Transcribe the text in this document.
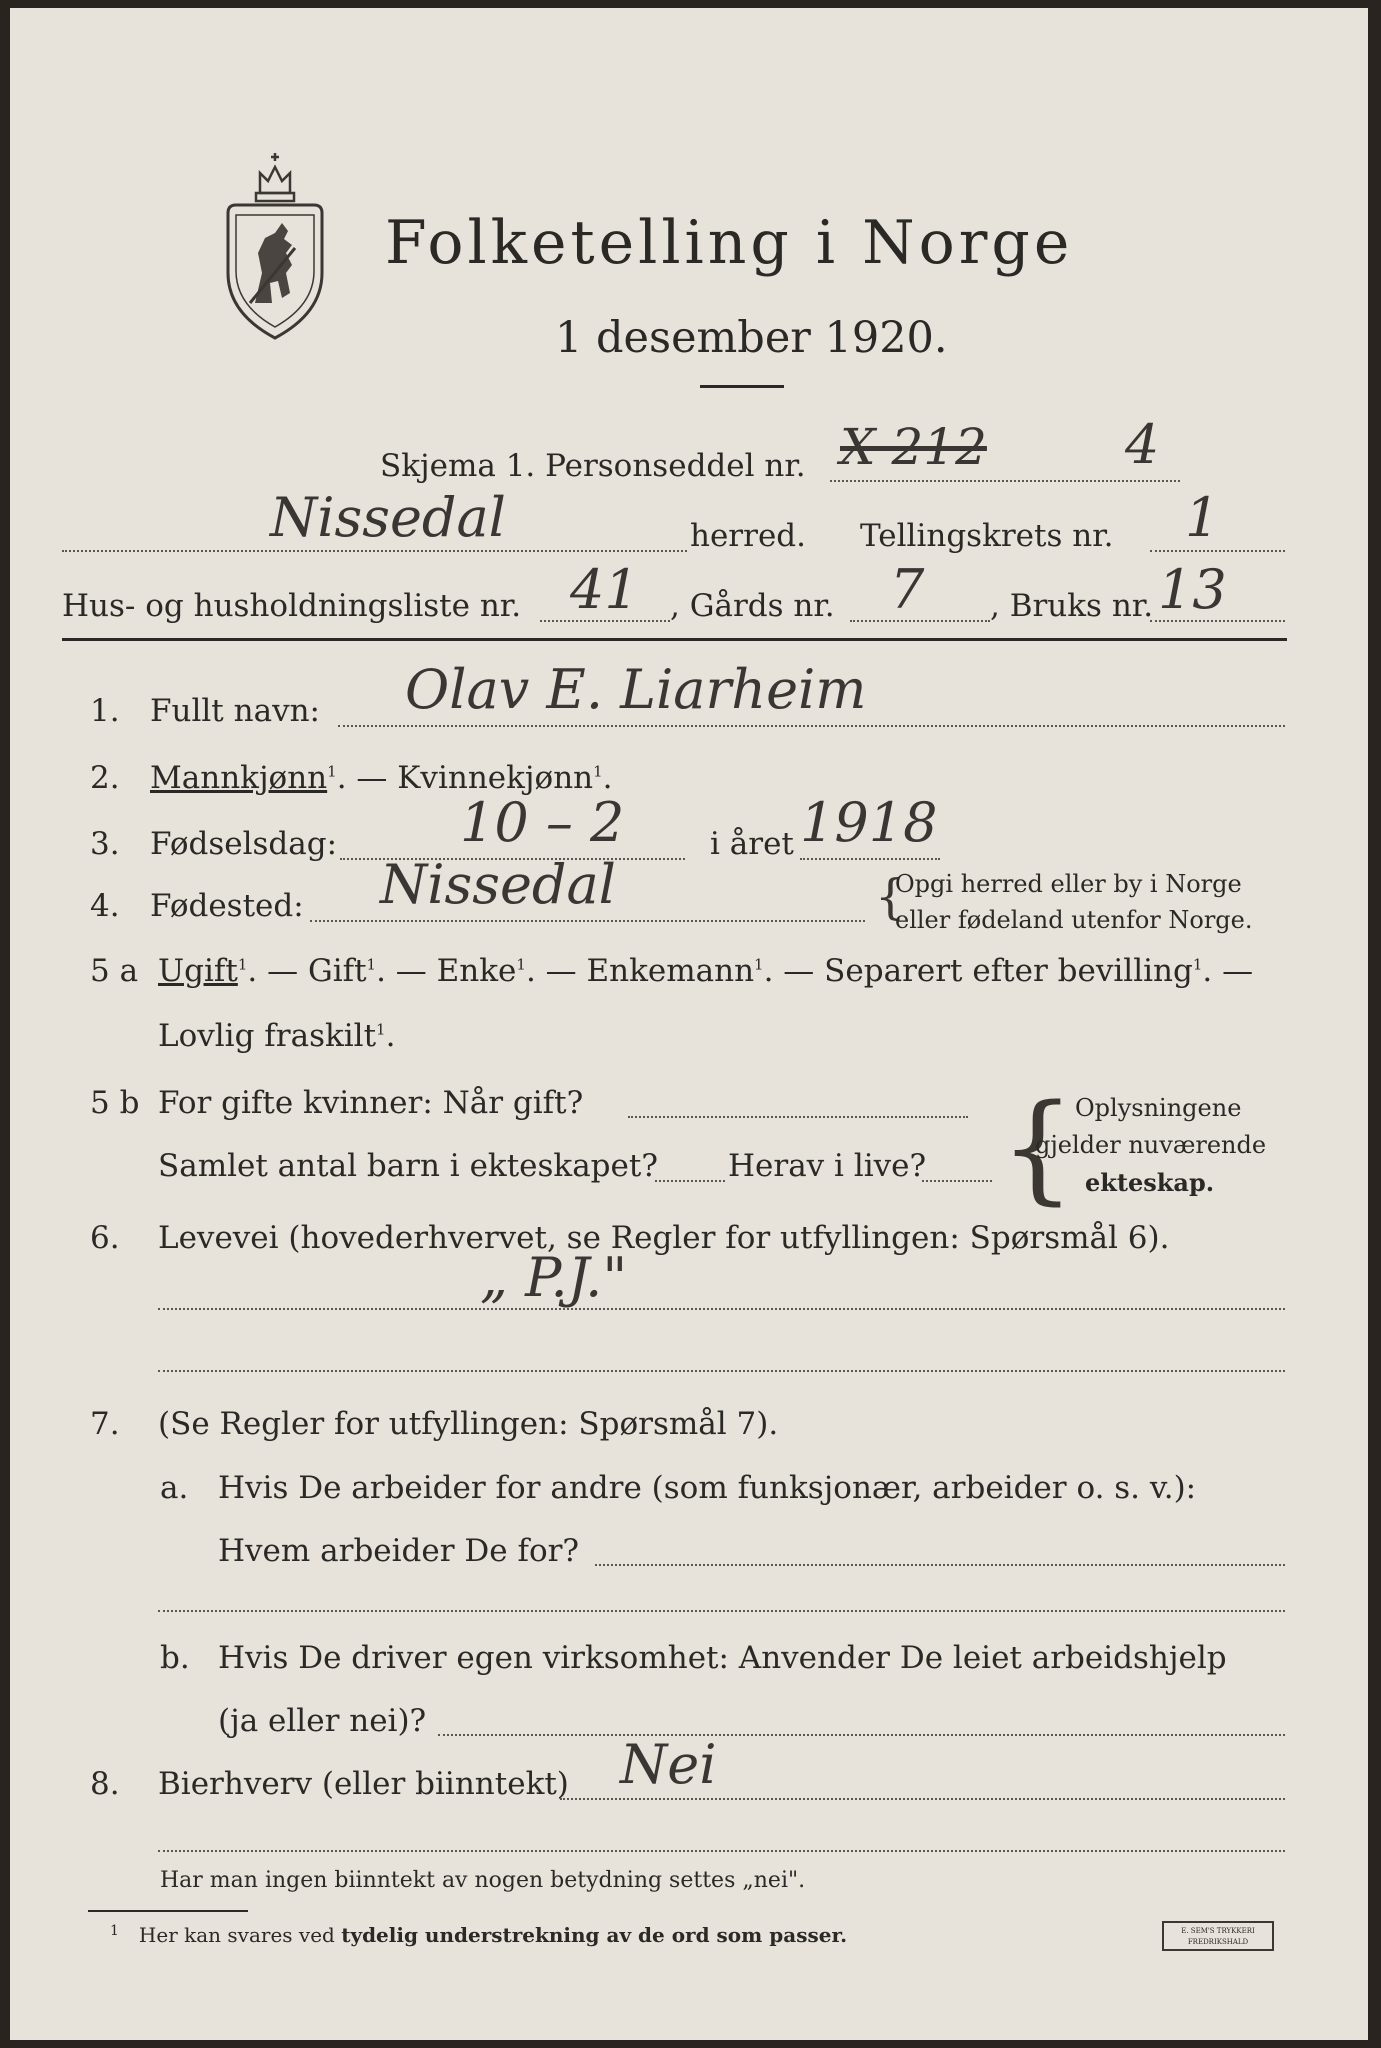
Folketelling i Norge
1 desember 1920.
Skjema 1. Personseddel nr. X 212	4
Nissedal	herred. Tellingskrets nr. 1
Hus- og husholdningsliste nr. 41 , Gårds nr. 7 , Bruks nr. 13
1. Fullt navn: Olav E. Liarheim
2. Mannkjønn$^1$. — Kvinnekjønn$^1$.
3. Fødselsdag: 10 – 2	i året 1918
4. Fødested: Nissedal	{
Opgi herred eller by i Norge
eller fødeland utenfor Norge.
5 a Ugift$^1$. — Gift$^1$. — Enke$^1$. — Enkemann$^1$. — Separert efter bevilling$^1$. —
Lovlig fraskilt$^1$.
5 b For gifte kvinner: Når gift?
Samlet antal barn i ekteskapet? Herav i live? { Oplysningene
gjelder nuværende
ekteskap.
6. Levevei (hovederhvervet, se Regler for utfyllingen: Spørsmål 6).
„ P.J."
7. (Se Regler for utfyllingen: Spørsmål 7).
a. Hvis De arbeider for andre (som funksjonær, arbeider o. s. v.):
Hvem arbeider De for?
b. Hvis De driver egen virksomhet: Anvender De leiet arbeidshjelp
(ja eller nei)?
8. Bierhverv (eller biinntekt) Nei
Har man ingen biinntekt av nogen betydning settes „nei".
$^1$ Her kan svares ved tydelig understrekning av de ord som passer.	E. SEM'S TRYKKERI
FREDRIKSHALD
